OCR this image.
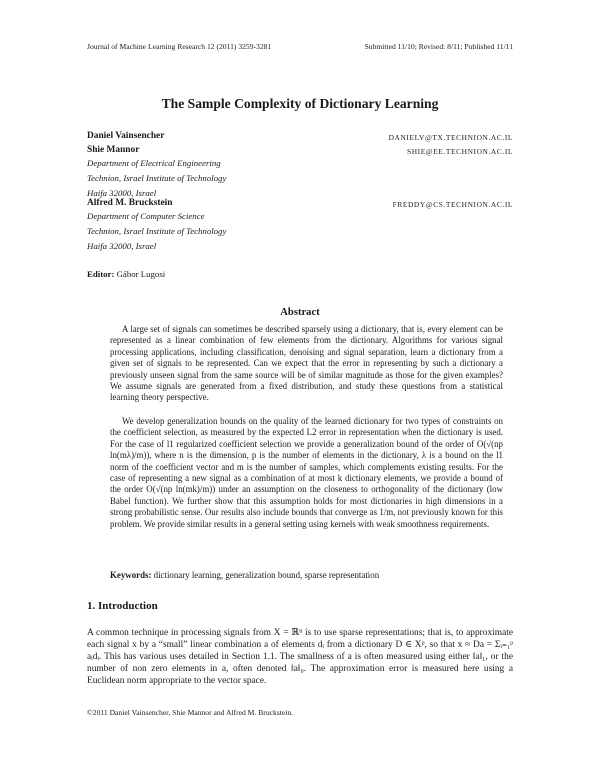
Journal of Machine Learning Research 12 (2011) 3259-3281	Submitted 11/10; Revised: 8/11; Published 11/11
The Sample Complexity of Dictionary Learning
Daniel Vainsencher	DANIELV@TX.TECHNION.AC.IL
Shie Mannor	SHIE@EE.TECHNION.AC.IL
Department of Electrical Engineering
Technion, Israel Institute of Technology
Haifa 32000, Israel
Alfred M. Bruckstein	FREDDY@CS.TECHNION.AC.IL
Department of Computer Science
Technion, Israel Institute of Technology
Haifa 32000, Israel
Editor: Gábor Lugosi
Abstract

A large set of signals can sometimes be described sparsely using a dictionary, that is, every element can be represented as a linear combination of few elements from the dictionary. Algorithms for various signal processing applications, including classification, denoising and signal separation, learn a dictionary from a given set of signals to be represented. Can we expect that the error in representing by such a dictionary a previously unseen signal from the same source will be of similar magnitude as those for the given examples? We assume signals are generated from a fixed distribution, and study these questions from a statistical learning theory perspective.

We develop generalization bounds on the quality of the learned dictionary for two types of constraints on the coefficient selection, as measured by the expected L2 error in representation when the dictionary is used. For the case of l1 regularized coefficient selection we provide a generalization bound of the order of O(√(np ln(mλ)/m)), where n is the dimension, p is the number of elements in the dictionary, λ is a bound on the l1 norm of the coefficient vector and m is the number of samples, which complements existing results. For the case of representing a new signal as a combination of at most k dictionary elements, we provide a bound of the order O(√(np ln(mk)/m)) under an assumption on the closeness to orthogonality of the dictionary (low Babel function). We further show that this assumption holds for most dictionaries in high dimensions in a strong probabilistic sense. Our results also include bounds that converge as 1/m, not previously known for this problem. We provide similar results in a general setting using kernels with weak smoothness requirements.

Keywords: dictionary learning, generalization bound, sparse representation
1. Introduction

A common technique in processing signals from X = ℝⁿ is to use sparse representations; that is, to approximate each signal x by a “small” linear combination a of elements dᵢ from a dictionary D ∈ Xᵖ, so that x ≈ Da = Σᵢ₌₁ᵖ aᵢdᵢ. This has various uses detailed in Section 1.1. The smallness of a is often measured using either ‖a‖₁, or the number of non zero elements in a, often denoted ‖a‖₀. The approximation error is measured here using a Euclidean norm appropriate to the vector space.

©2011 Daniel Vainsencher, Shie Mannor and Alfred M. Bruckstein.
